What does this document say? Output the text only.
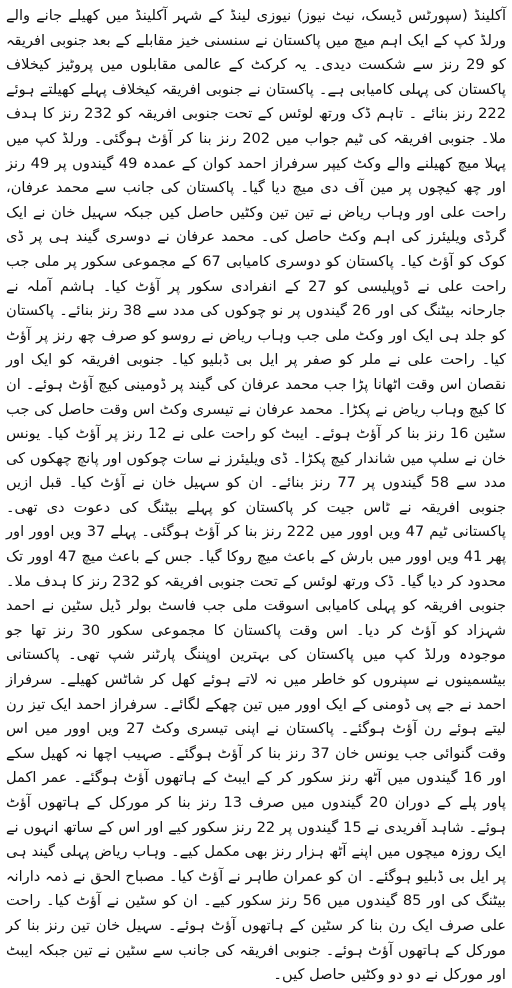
آکلینڈ (سپورٹس ڈیسک، نیٹ نیوز) نیوزی لینڈ کے شہر آکلینڈ میں کھیلے جانے والے ورلڈ کپ کے ایک اہم میچ میں پاکستان نے سنسنی خیز مقابلے کے بعد جنوبی افریقہ کو 29 رنز سے شکست دیدی۔ یہ کرکٹ کے عالمی مقابلوں میں پروٹیز کیخلاف پاکستان کی پہلی کامیابی ہے۔ پاکستان نے جنوبی افریقہ کیخلاف پہلے کھیلتے ہوئے 222 رنز بنائے ۔ تاہم ڈک ورتھ لوئس کے تحت جنوبی افریقہ کو 232 رنز کا ہدف ملا۔ جنوبی افریقہ کی ٹیم جواب میں 202 رنز بنا کر آؤٹ ہوگئی۔ ورلڈ کپ میں پہلا میچ کھیلنے والے وکٹ کیپر سرفراز احمد کوان کے عمدہ 49 گیندوں پر 49 رنز اور چھ کیچوں پر مین آف دی میچ دیا گیا۔ پاکستان کی جانب سے محمد عرفان، راحت علی اور وہاب ریاض نے تین تین وکٹیں حاصل کیں جبکہ سہیل خان نے ایک گرڈی ویلیئرز کی اہم وکٹ حاصل کی۔ محمد عرفان نے دوسری گیند ہی پر ڈی کوک کو آؤٹ کیا۔ پاکستان کو دوسری کامیابی 67 کے مجموعی سکور پر ملی جب راحت علی نے ڈوپلیسی کو 27 کے انفرادی سکور پر آؤٹ کیا۔ ہاشم آملہ نے جارحانہ بیٹنگ کی اور 26 گیندوں پر نو چوکوں کی مدد سے 38 رنز بنائے۔ پاکستان کو جلد ہی ایک اور وکٹ ملی جب وہاب ریاض نے روسو کو صرف چھ رنز پر آؤٹ کیا۔ راحت علی نے ملر کو صفر پر ایل بی ڈبلیو کیا۔ جنوبی افریقہ کو ایک اور نقصان اس وقت اٹھانا پڑا جب محمد عرفان کی گیند پر ڈومینی کیچ آؤٹ ہوئے۔ ان کا کیچ وہاب ریاض نے پکڑا۔ محمد عرفان نے تیسری وکٹ اس وقت حاصل کی جب سٹین 16 رنز بنا کر آؤٹ ہوئے۔ ایبٹ کو راحت علی نے 12 رنز پر آؤٹ کیا۔ یونس خان نے سلپ میں شاندار کیچ پکڑا۔ ڈی ویلیئرز نے سات چوکوں اور پانچ چھکوں کی مدد سے 58 گیندوں پر 77 رنز بنائے۔ ان کو سہیل خان نے آؤٹ کیا۔ قبل ازیں جنوبی افریقہ نے ٹاس جیت کر پاکستان کو پہلے بیٹنگ کی دعوت دی تھی۔ پاکستانی ٹیم 47 ویں اوور میں 222 رنز بنا کر آؤٹ ہوگئی۔ پہلے 37 ویں اوور اور پھر 41 ویں اوور میں بارش کے باعث میچ روکا گیا۔ جس کے باعث میچ 47 اوور تک محدود کر دیا گیا۔ ڈک ورتھ لوئس کے تحت جنوبی افریقہ کو 232 رنز کا ہدف ملا۔ جنوبی افریقہ کو پہلی کامیابی اسوقت ملی جب فاسٹ بولر ڈیل سٹین نے احمد شہزاد کو آؤٹ کر دیا۔ اس وقت پاکستان کا مجموعی سکور 30 رنز تھا جو موجودہ ورلڈ کپ میں پاکستان کی بہترین اوپننگ پارٹنر شپ تھی۔ پاکستانی بیٹسمینوں نے سپنروں کو خاطر میں نہ لاتے ہوئے کھل کر شاٹس کھیلے۔ سرفراز احمد نے جے پی ڈومنی کے ایک اوور میں تین چھکے لگائے۔ سرفراز احمد ایک تیز رن لیتے ہوئے رن آؤٹ ہوگئے۔ پاکستان نے اپنی تیسری وکٹ 27 ویں اوور میں اس وقت گنوائی جب یونس خان 37 رنز بنا کر آؤٹ ہوگئے۔ صہیب اچھا نہ کھیل سکے اور 16 گیندوں میں آٹھ رنز سکور کر کے ایبٹ کے ہاتھوں آؤٹ ہوگئے۔ عمر اکمل پاور پلے کے دوران 20 گیندوں میں صرف 13 رنز بنا کر مورکل کے ہاتھوں آؤٹ ہوئے۔ شاہد آفریدی نے 15 گیندوں پر 22 رنز سکور کیے اور اس کے ساتھ انہوں نے ایک روزہ میچوں میں اپنے آٹھ ہزار رنز بھی مکمل کیے۔ وہاب ریاض پہلی گیند ہی پر ایل بی ڈبلیو ہوگئے۔ ان کو عمران طاہر نے آؤٹ کیا۔ مصباح الحق نے ذمہ دارانہ بیٹنگ کی اور 85 گیندوں میں 56 رنز سکور کیے۔ ان کو سٹین نے آؤٹ کیا۔ راحت علی صرف ایک رن بنا کر سٹین کے ہاتھوں آؤٹ ہوئے۔ سہیل خان تین رنز بنا کر مورکل کے ہاتھوں آؤٹ ہوئے۔ جنوبی افریقہ کی جانب سے سٹین نے تین جبکہ ایبٹ اور مورکل نے دو دو وکٹیں حاصل کیں۔
